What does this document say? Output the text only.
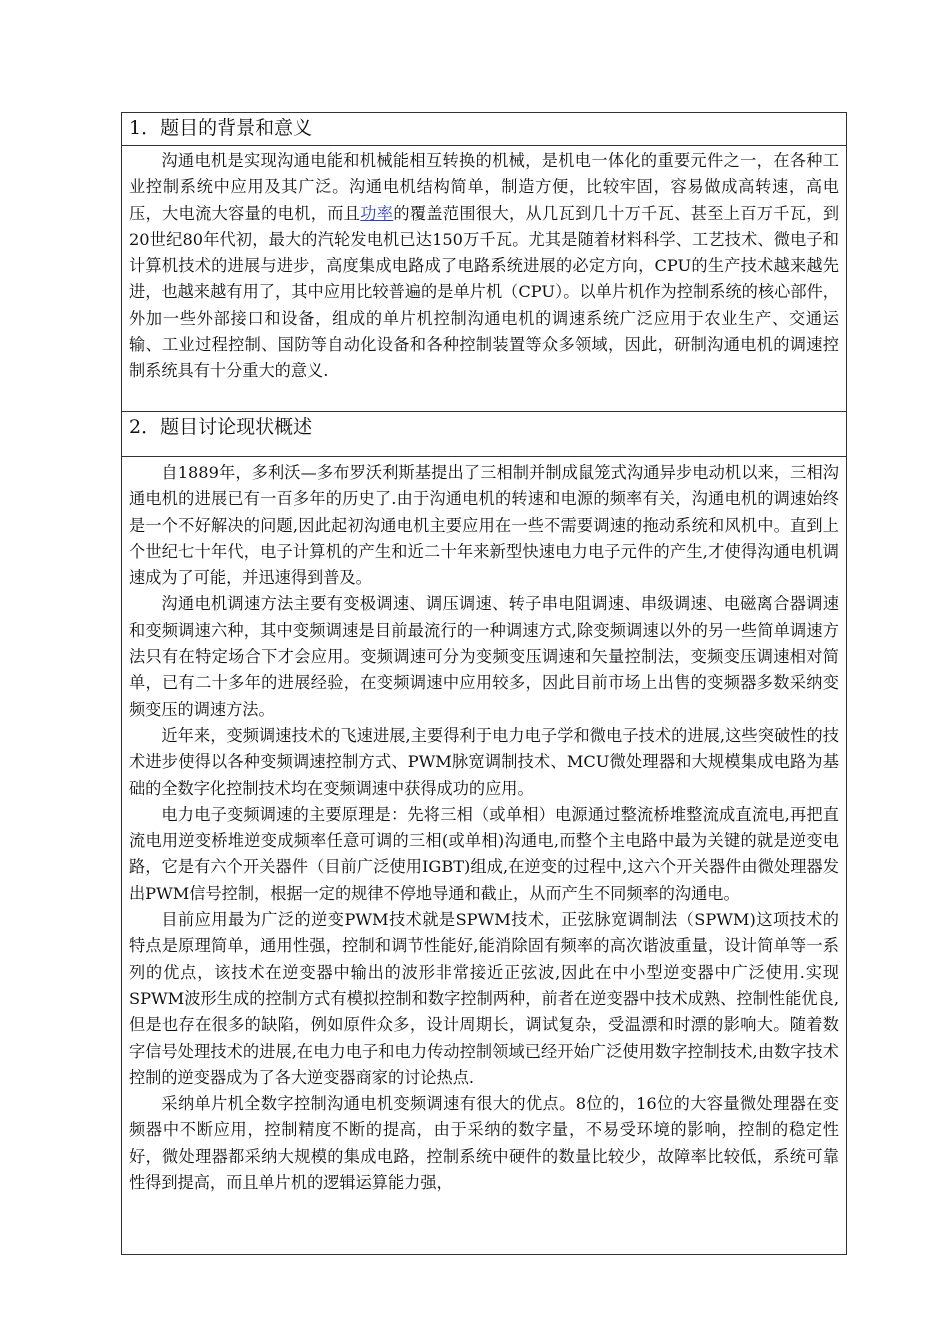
1．题目的背景和意义

沟通电机是实现沟通电能和机械能相互转换的机械，是机电一体化的重要元件之一，在各种工业控制系统中应用及其广泛。沟通电机结构简单，制造方便，比较牢固，容易做成高转速，高电压，大电流大容量的电机，而且功率的覆盖范围很大，从几瓦到几十万千瓦、甚至上百万千瓦，到20世纪80年代初，最大的汽轮发电机已达150万千瓦。尤其是随着材料科学、工艺技术、微电子和计算机技术的进展与进步，高度集成电路成了电路系统进展的必定方向，CPU的生产技术越来越先进，也越来越有用了，其中应用比较普遍的是单片机（CPU）。以单片机作为控制系统的核心部件，外加一些外部接口和设备，组成的单片机控制沟通电机的调速系统广泛应用于农业生产、交通运输、工业过程控制、国防等自动化设备和各种控制装置等众多领域，因此，研制沟通电机的调速控制系统具有十分重大的意义.

2．题目讨论现状概述

自1889年，多利沃—多布罗沃利斯基提出了三相制并制成鼠笼式沟通异步电动机以来，三相沟通电机的进展已有一百多年的历史了.由于沟通电机的转速和电源的频率有关，沟通电机的调速始终是一个不好解决的问题,因此起初沟通电机主要应用在一些不需要调速的拖动系统和风机中。直到上个世纪七十年代，电子计算机的产生和近二十年来新型快速电力电子元件的产生,才使得沟通电机调速成为了可能，并迅速得到普及。

沟通电机调速方法主要有变极调速、调压调速、转子串电阻调速、串级调速、电磁离合器调速和变频调速六种，其中变频调速是目前最流行的一种调速方式,除变频调速以外的另一些简单调速方法只有在特定场合下才会应用。变频调速可分为变频变压调速和矢量控制法，变频变压调速相对简单，已有二十多年的进展经验，在变频调速中应用较多，因此目前市场上出售的变频器多数采纳变频变压的调速方法。

近年来，变频调速技术的飞速进展,主要得利于电力电子学和微电子技术的进展,这些突破性的技术进步使得以各种变频调速控制方式、PWM脉宽调制技术、MCU微处理器和大规模集成电路为基础的全数字化控制技术均在变频调速中获得成功的应用。

电力电子变频调速的主要原理是：先将三相（或单相）电源通过整流桥堆整流成直流电,再把直流电用逆变桥堆逆变成频率任意可调的三相(或单相)沟通电,而整个主电路中最为关键的就是逆变电路，它是有六个开关器件（目前广泛使用IGBT)组成,在逆变的过程中,这六个开关器件由微处理器发出PWM信号控制，根据一定的规律不停地导通和截止，从而产生不同频率的沟通电。

目前应用最为广泛的逆变PWM技术就是SPWM技术，正弦脉宽调制法（SPWM)这项技术的特点是原理简单，通用性强，控制和调节性能好,能消除固有频率的高次谐波重量，设计简单等一系列的优点，该技术在逆变器中输出的波形非常接近正弦波,因此在中小型逆变器中广泛使用.实现SPWM波形生成的控制方式有模拟控制和数字控制两种，前者在逆变器中技术成熟、控制性能优良,但是也存在很多的缺陷，例如原件众多，设计周期长，调试复杂，受温漂和时漂的影响大。随着数字信号处理技术的进展,在电力电子和电力传动控制领域已经开始广泛使用数字控制技术,由数字技术控制的逆变器成为了各大逆变器商家的讨论热点.

采纳单片机全数字控制沟通电机变频调速有很大的优点。8位的，16位的大容量微处理器在变频器中不断应用，控制精度不断的提高，由于采纳的数字量，不易受环境的影响，控制的稳定性好，微处理器都采纳大规模的集成电路，控制系统中硬件的数量比较少，故障率比较低，系统可靠性得到提高，而且单片机的逻辑运算能力强，
